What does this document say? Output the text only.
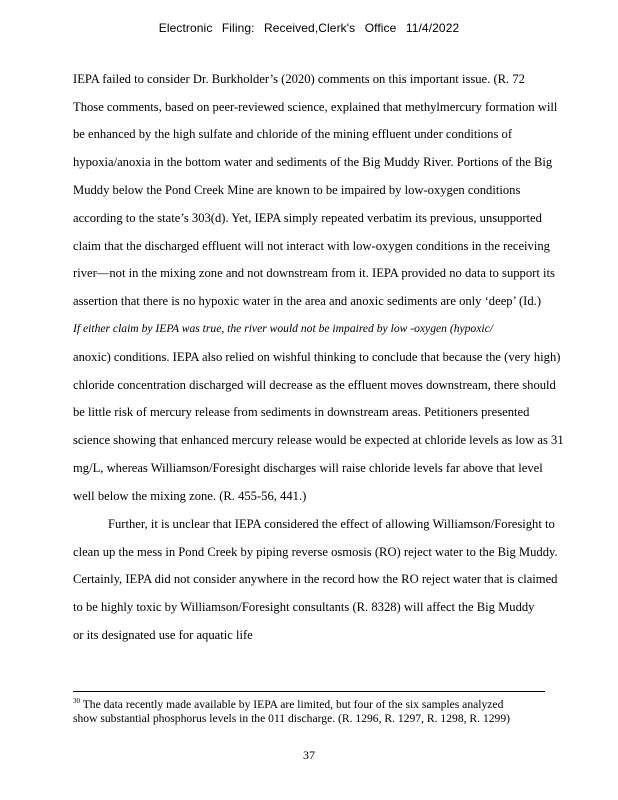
Electronic Filing: Received,Clerk's Office 11/4/2022
IEPA failed to consider Dr. Burkholder’s (2020) comments on this important issue. (R. 72
Those comments, based on peer-reviewed science, explained that methylmercury formation will
be enhanced by the high sulfate and chloride of the mining effluent under conditions of
hypoxia/anoxia in the bottom water and sediments of the Big Muddy River. Portions of the Big
Muddy below the Pond Creek Mine are known to be impaired by low-oxygen conditions
according to the state’s 303(d). Yet, IEPA simply repeated verbatim its previous, unsupported
claim that the discharged effluent will not interact with low-oxygen conditions in the receiving
river—not in the mixing zone and not downstream from it. IEPA provided no data to support its
assertion that there is no hypoxic water in the area and anoxic sediments are only ‘deep’ (Id.)
If either claim by IEPA was true, the river would not be impaired by low -oxygen (hypoxic/
anoxic) conditions. IEPA also relied on wishful thinking to conclude that because the (very high)
chloride concentration discharged will decrease as the effluent moves downstream, there should
be little risk of mercury release from sediments in downstream areas. Petitioners presented
science showing that enhanced mercury release would be expected at chloride levels as low as 31
mg/L, whereas Williamson/Foresight discharges will raise chloride levels far above that level
well below the mixing zone. (R. 455-56, 441.)
Further, it is unclear that IEPA considered the effect of allowing Williamson/Foresight to
clean up the mess in Pond Creek by piping reverse osmosis (RO) reject water to the Big Muddy.
Certainly, IEPA did not consider anywhere in the record how the RO reject water that is claimed
to be highly toxic by Williamson/Foresight consultants (R. 8328) will affect the Big Muddy
or its designated use for aquatic life
$^{30}$ The data recently made available by IEPA are limited, but four of the six samples analyzed
show substantial phosphorus levels in the 011 discharge. (R. 1296, R. 1297, R. 1298, R. 1299)
37
